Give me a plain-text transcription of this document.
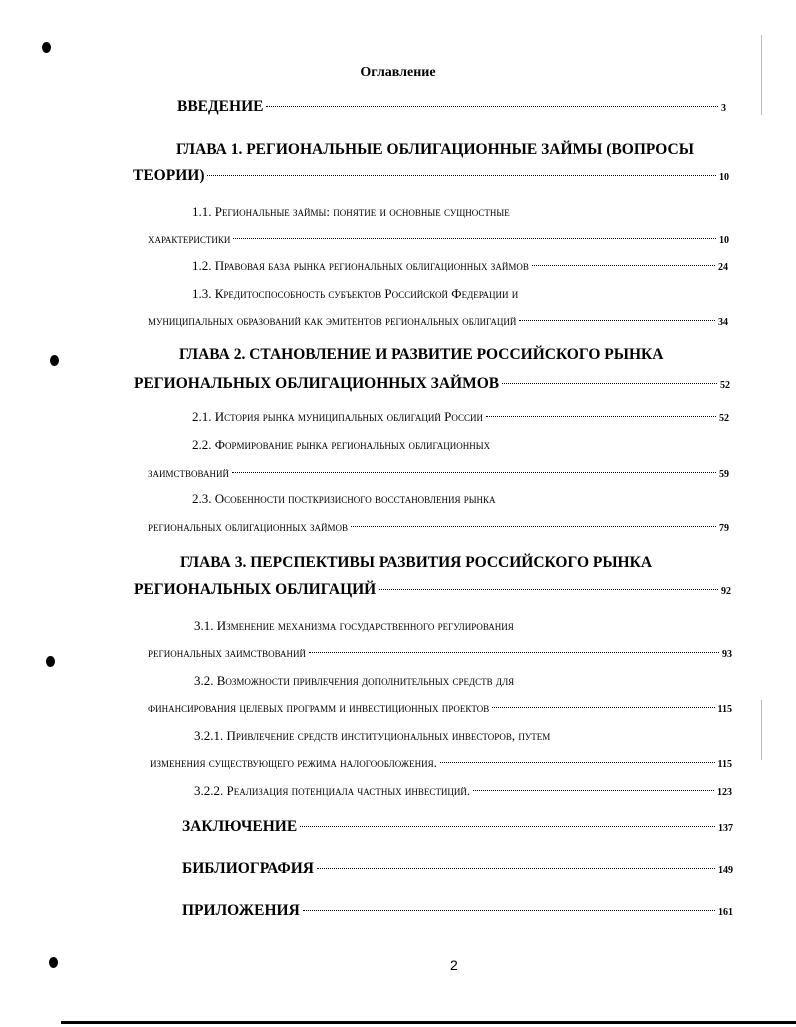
Оглавление
ВВЕДЕНИЕ	3
ГЛАВА 1. РЕГИОНАЛЬНЫЕ ОБЛИГАЦИОННЫЕ ЗАЙМЫ (ВОПРОСЫ
ТЕОРИИ)	10
1.1. Региональные займы: понятие и основные сущностные
характеристики	10
1.2. Правовая база рынка региональных облигационных займов	24
1.3. Кредитоспособность субъектов Российской Федерации и
муниципальных образований как эмитентов региональных облигаций	34
ГЛАВА 2. СТАНОВЛЕНИЕ И РАЗВИТИЕ РОССИЙСКОГО РЫНКА
РЕГИОНАЛЬНЫХ ОБЛИГАЦИОННЫХ ЗАЙМОВ	52
2.1. История рынка муниципальных облигаций России	52
2.2. Формирование рынка региональных облигационных
заимствований	59
2.3. Особенности посткризисного восстановления рынка
региональных облигационных займов	79
ГЛАВА 3. ПЕРСПЕКТИВЫ РАЗВИТИЯ РОССИЙСКОГО РЫНКА
РЕГИОНАЛЬНЫХ ОБЛИГАЦИЙ	92
3.1. Изменение механизма государственного регулирования
региональных заимствований	93
3.2. Возможности привлечения дополнительных средств для
финансирования целевых программ и инвестиционных проектов	115
3.2.1. Привлечение средств институциональных инвесторов, путем
изменения существующего режима налогообложения.	115
3.2.2. Реализация потенциала частных инвестиций.	123
ЗАКЛЮЧЕНИЕ	137
БИБЛИОГРАФИЯ	149
ПРИЛОЖЕНИЯ	161
2
